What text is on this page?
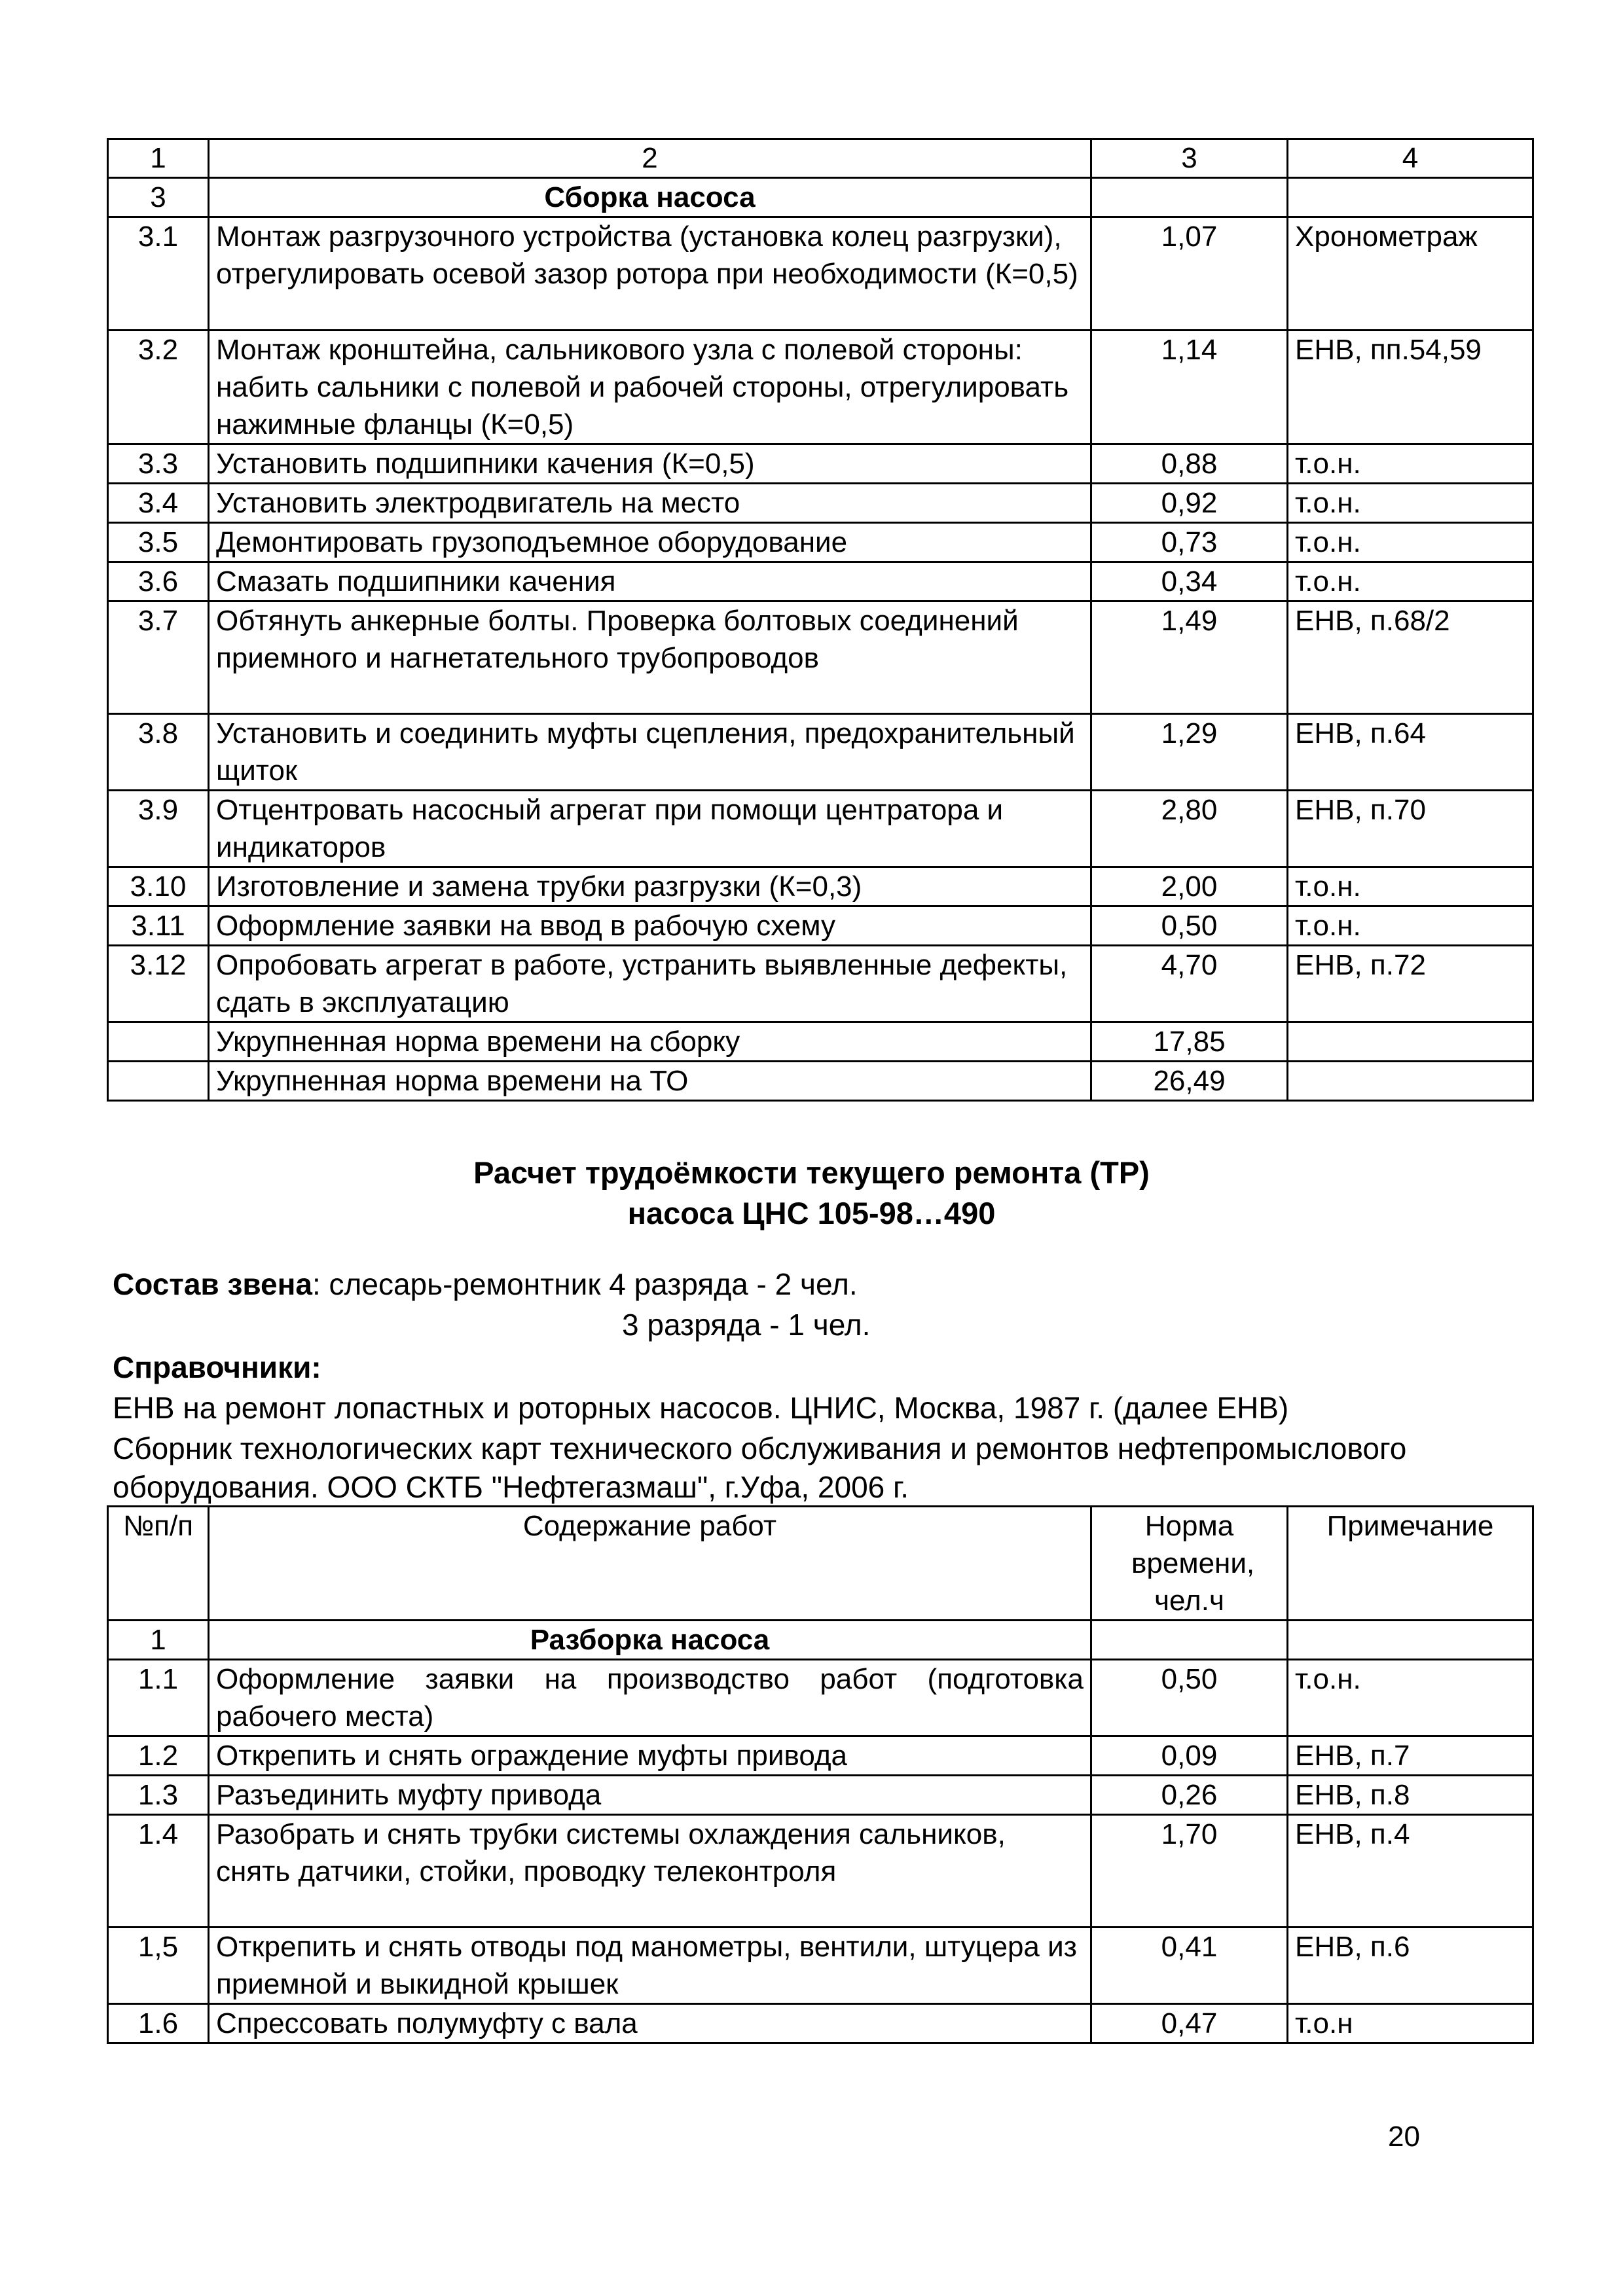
1	2	3	4
3	Сборка насоса		
3.1	Монтаж разгрузочного устройства (установка колец разгрузки), отрегулировать осевой зазор ротора при необходимости (К=0,5)	1,07	Хронометраж
3.2	Монтаж кронштейна, сальникового узла с полевой стороны: набить сальники с полевой и рабочей стороны, отрегулировать нажимные фланцы (К=0,5)	1,14	ЕНВ, пп.54,59
3.3	Установить подшипники качения (К=0,5)	0,88	т.о.н.
3.4	Установить электродвигатель на место	0,92	т.о.н.
3.5	Демонтировать грузоподъемное оборудование	0,73	т.о.н.
3.6	Смазать подшипники качения	0,34	т.о.н.
3.7	Обтянуть анкерные болты. Проверка болтовых соединений приемного и нагнетательного трубопроводов	1,49	ЕНВ, п.68/2
3.8	Установить и соединить муфты сцепления, предохранительный щиток	1,29	ЕНВ, п.64
3.9	Отцентровать насосный агрегат при помощи центратора и индикаторов	2,80	ЕНВ, п.70
3.10	Изготовление и замена трубки разгрузки (К=0,3)	2,00	т.о.н.
3.11	Оформление заявки на ввод в рабочую схему	0,50	т.о.н.
3.12	Опробовать агрегат в работе, устранить выявленные дефекты, сдать в эксплуатацию	4,70	ЕНВ, п.72
	Укрупненная норма времени на сборку	17,85	
	Укрупненная норма времени на ТО	26,49	
Расчет трудоёмкости текущего ремонта (ТР)
насоса ЦНС 105-98…490
Состав звена: слесарь-ремонтник 4 разряда - 2 чел.
3 разряда - 1 чел.
Справочники:
ЕНВ на ремонт лопастных и роторных насосов. ЦНИС, Москва, 1987 г. (далее ЕНВ)
Сборник технологических карт технического обслуживания и ремонтов нефтепромыслового
оборудования. ООО СКТБ "Нефтегазмаш", г.Уфа, 2006 г.
№п/п	Содержание работ	Норма времени, чел.ч	Примечание
1	Разборка насоса		
1.1	Оформление заявки на производство работ (подготовка рабочего места)	0,50	т.о.н.
1.2	Открепить и снять ограждение муфты привода	0,09	ЕНВ, п.7
1.3	Разъединить муфту привода	0,26	ЕНВ, п.8
1.4	Разобрать и снять трубки системы охлаждения сальников, снять датчики, стойки, проводку телеконтроля	1,70	ЕНВ, п.4
1,5	Открепить и снять отводы под манометры, вентили, штуцера из приемной и выкидной крышек	0,41	ЕНВ, п.6
1.6	Спрессовать полумуфту с вала	0,47	т.о.н
20
